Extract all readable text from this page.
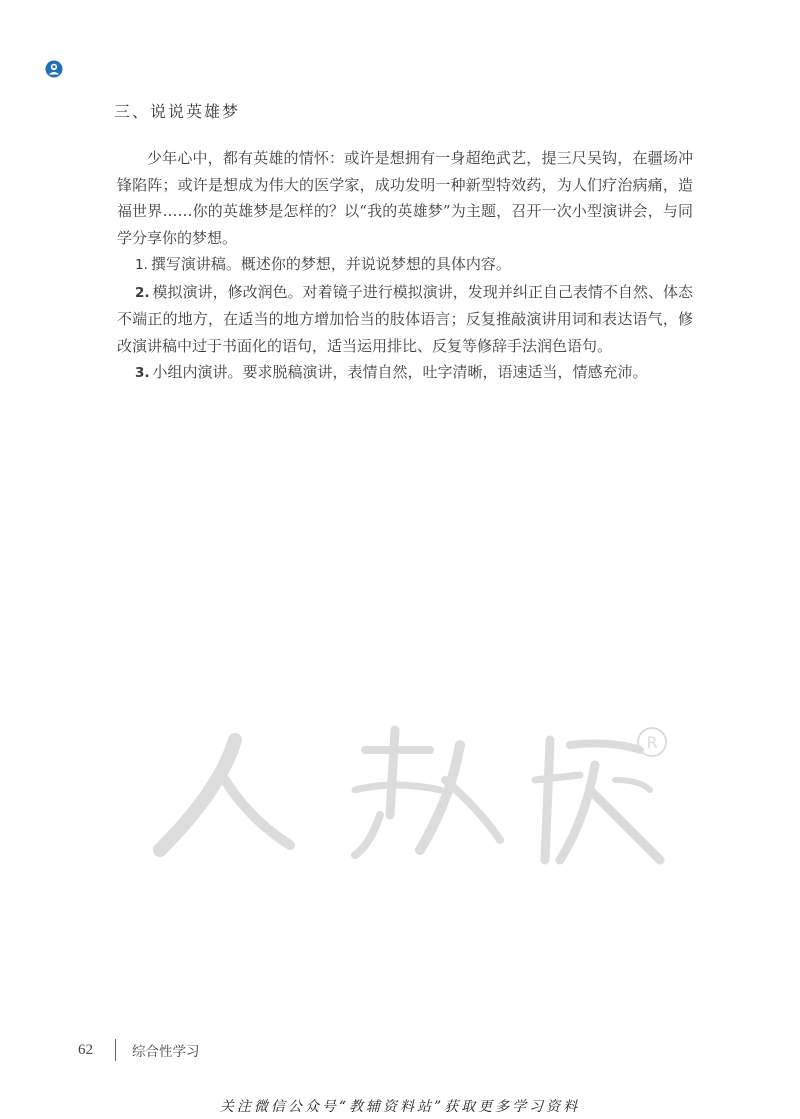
三、说说英雄梦

少年心中，都有英雄的情怀：或许是想拥有一身超绝武艺，提三尺吴钩，在疆场冲锋陷阵；或许是想成为伟大的医学家，成功发明一种新型特效药，为人们疗治病痛，造福世界……你的英雄梦是怎样的？以“我的英雄梦”为主题，召开一次小型演讲会，与同学分享你的梦想。

1. 撰写演讲稿。概述你的梦想，并说说梦想的具体内容。

2. 模拟演讲，修改润色。对着镜子进行模拟演讲，发现并纠正自己表情不自然、体态不端正的地方，在适当的地方增加恰当的肢体语言；反复推敲演讲用词和表达语气，修改演讲稿中过于书面化的语句，适当运用排比、反复等修辞手法润色语句。

3. 小组内演讲。要求脱稿演讲，表情自然，吐字清晰，语速适当，情感充沛。

R
62	综合性学习
关注微信公众号“教辅资料站”获取更多学习资料
